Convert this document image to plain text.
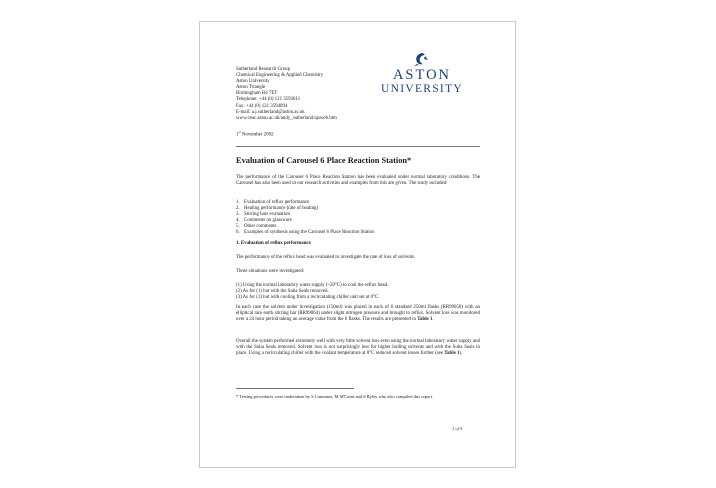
Sutherland Research Group
Chemical Engineering & Applied Chemistry
Aston University
Aston Triangle
Birmingham B4 7ET
Telephone: +44 (0) 121 3593611
Fax: +44 (0) 121 3594094
E-mail: a.j.sutherland@aston.ac.uk
www.ceac.aston.ac.uk/andy_sutherland/ajsweb.htm
1st November 2002
ASTON
UNIVERSITY
Evaluation of Carousel 6 Place Reaction Station*
The performance of the Carousel 6 Place Reaction Station has been evaluated under normal laboratory conditions. The Carousel has also been used in our research activities and examples from this are given. The study included:
1. Evaluation of reflux performance
2. Heating performance (rate of heating)
3. Stirring bars evaluation
4. Comments on glassware
5. Other comments
6. Examples of synthesis using the Carousel 6 Place Reaction Station
1. Evaluation of reflux performance
The performance of the reflux head was evaluated to investigate the rate of loss of solvents.
Three situations were investigated:
(1) Using the normal laboratory water supply (~20°C) to cool the reflux head.
(2) As for (1) but with the Suba Seals removed.
(3) As for (1) but with cooling from a recirculating chiller unit set at 0°C.
In each case the solvent under investigation (150ml) was placed in each of 6 standard 250ml flasks (RR99050) with an elliptical rare earth stirring bar (RR99064) under slight nitrogen pressure and brought to reflux. Solvent loss was monitored over a 24 hour period taking an average value from the 6 flasks. The results are presented in Table 1.
Overall the system performed extremely well with very little solvent loss even using the normal laboratory water supply and with the Suba Seals removed. Solvent loss is not surprisingly less for higher boiling solvents and with the Suba Seals in place. Using a recirculating chiller with the coolant temperature at 0°C reduced solvent losses further (see Table 1).
* Testing procedures were undertaken by S Cummins, M M'Cairn and S Ryley who also compiled this report.
1 of 5
